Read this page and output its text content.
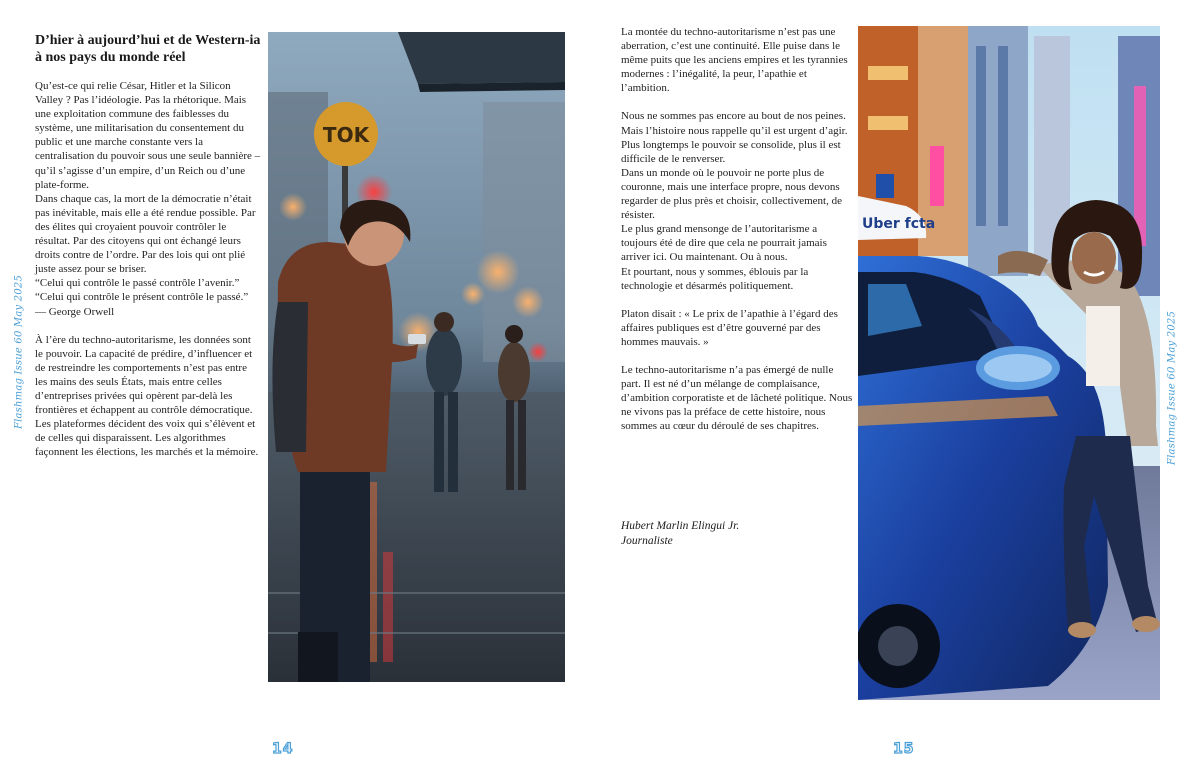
Flashmag Issue 60 May 2025
D’hier à aujourd’hui et de Western-ia à nos pays du monde réel

Qu’est-ce qui relie César, Hitler et la Silicon Valley ? Pas l’idéologie. Pas la rhétorique. Mais une exploitation commune des faiblesses du système, une militarisation du consentement du public et une marche constante vers la centralisation du pouvoir sous une seule bannière – qu’il s’agisse d’un empire, d’un Reich ou d’une plate-forme.

Dans chaque cas, la mort de la démocratie n’était pas inévitable, mais elle a été rendue possible. Par des élites qui croyaient pouvoir contrôler le résultat. Par des citoyens qui ont échangé leurs droits contre de l’ordre. Par des lois qui ont plié juste assez pour se briser.

“Celui qui contrôle le passé contrôle l’avenir.”

“Celui qui contrôle le présent contrôle le passé.”

— George Orwell

À l’ère du techno-autoritarisme, les données sont le pouvoir. La capacité de prédire, d’influencer et de restreindre les comportements n’est pas entre les mains des seuls États, mais entre celles d’entreprises privées qui opèrent par-delà les frontières et échappent au contrôle démocratique. Les plateformes décident des voix qui s’élèvent et de celles qui disparaissent. Les algorithmes façonnent les élections, les marchés et la mémoire.

TOK
14

La montée du techno-autoritarisme n’est pas une aberration, c’est une continuité. Elle puise dans le même puits que les anciens empires et les tyrannies modernes : l’inégalité, la peur, l’apathie et l’ambition.

Nous ne sommes pas encore au bout de nos peines. Mais l’histoire nous rappelle qu’il est urgent d’agir.

Plus longtemps le pouvoir se consolide, plus il est difficile de le renverser.

Dans un monde où le pouvoir ne porte plus de couronne, mais une interface propre, nous devons regarder de plus près et choisir, collectivement, de résister.

Le plus grand mensonge de l’autoritarisme a toujours été de dire que cela ne pourrait jamais arriver ici. Ou maintenant. Ou à nous.

Et pourtant, nous y sommes, éblouis par la technologie et désarmés politiquement.

Platon disait : « Le prix de l’apathie à l’égard des affaires publiques est d’être gouverné par des hommes mauvais. »

Le techno-autoritarisme n’a pas émergé de nulle part. Il est né d’un mélange de complaisance, d’ambition corporatiste et de lâcheté politique. Nous ne vivons pas la préface de cette histoire, nous sommes au cœur du déroulé de ses chapitres.

Hubert Marlin Elingui Jr.

Journaliste

Uber fcta
Flashmag Issue 60 May 2025
15
